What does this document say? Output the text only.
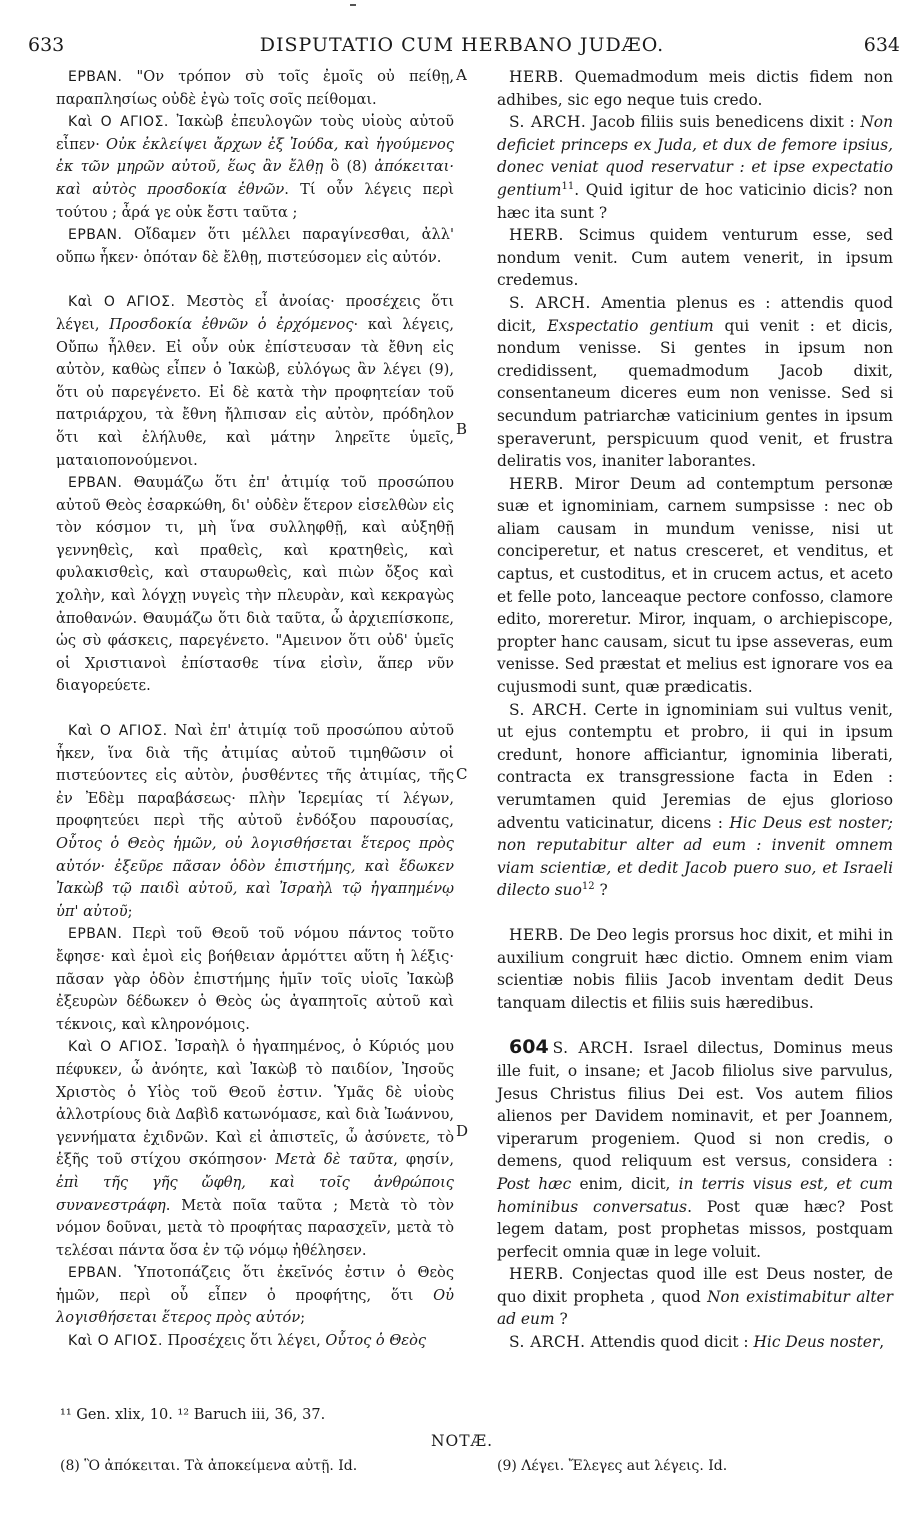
633	DISPUTATIO CUM HERBANO JUDÆO.	634

ΕΡΒΑΝ. "Ον τρόπον σὺ τοῖς ἐμοῖς οὐ πείθῃ, παραπλησίως οὐδὲ ἐγὼ τοῖς σοῖς πείθομαι.

Καὶ Ο ΑΓΙΟΣ. Ἰακὼβ ἐπευλογῶν τοὺς υἱοὺς αὐτοῦ εἶπεν· Οὐκ ἐκλείψει ἄρχων ἐξ Ἰούδα, καὶ ἡγούμενος ἐκ τῶν μηρῶν αὐτοῦ, ἕως ἂν ἔλθῃ ὃ (8) ἀπόκειται· καὶ αὐτὸς προσδοκία ἐθνῶν. Τί οὖν λέγεις περὶ τούτου ; ἆρά γε οὐκ ἔστι ταῦτα ;

ΕΡΒΑΝ. Οἴδαμεν ὅτι μέλλει παραγίνεσθαι, ἀλλ' οὔπω ἧκεν· ὁπόταν δὲ ἔλθῃ, πιστεύσομεν εἰς αὐτόν.

Καὶ Ο ΑΓΙΟΣ. Μεστὸς εἶ ἀνοίας· προσέχεις ὅτι λέγει, Προσδοκία ἐθνῶν ὁ ἐρχόμενος· καὶ λέγεις, Οὔπω ἦλθεν. Εἰ οὖν οὐκ ἐπίστευσαν τὰ ἔθνη εἰς αὐτὸν, καθὼς εἶπεν ὁ Ἰακὼβ, εὐλόγως ἂν λέγει (9), ὅτι οὐ παρεγένετο. Εἰ δὲ κατὰ τὴν προφητείαν τοῦ πατριάρχου, τὰ ἔθνη ἤλπισαν εἰς αὐτὸν, πρόδηλον ὅτι καὶ ἐλήλυθε, καὶ μάτην ληρεῖτε ὑμεῖς, ματαιοπονούμενοι.

ΕΡΒΑΝ. Θαυμάζω ὅτι ἐπ' ἀτιμίᾳ τοῦ προσώπου αὐτοῦ Θεὸς ἐσαρκώθη, δι' οὐδὲν ἕτερον εἰσελθὼν εἰς τὸν κόσμον τι, μὴ ἵνα συλληφθῇ, καὶ αὐξηθῇ γεννηθεὶς, καὶ πραθεὶς, καὶ κρατηθεὶς, καὶ φυλακισθεὶς, καὶ σταυρωθεὶς, καὶ πιὼν ὄξος καὶ χολὴν, καὶ λόγχῃ νυγεὶς τὴν πλευρὰν, καὶ κεκραγὼς ἀποθανών. Θαυμάζω ὅτι διὰ ταῦτα, ὦ ἀρχιεπίσκοπε, ὡς σὺ φάσκεις, παρεγένετο. "Αμεινον ὅτι οὐδ' ὑμεῖς οἱ Χριστιανοὶ ἐπίστασθε τίνα εἰσὶν, ἅπερ νῦν διαγορεύετε.

Καὶ Ο ΑΓΙΟΣ. Ναὶ ἐπ' ἀτιμίᾳ τοῦ προσώπου αὐτοῦ ἧκεν, ἵνα διὰ τῆς ἀτιμίας αὐτοῦ τιμηθῶσιν οἱ πιστεύοντες εἰς αὐτὸν, ῥυσθέντες τῆς ἀτιμίας, τῆς ἐν Ἐδὲμ παραβάσεως· πλὴν Ἱερεμίας τί λέγων, προφητεύει περὶ τῆς αὐτοῦ ἐνδόξου παρουσίας, Οὗτος ὁ Θεὸς ἡμῶν, οὐ λογισθήσεται ἕτερος πρὸς αὐτόν· ἐξεῦρε πᾶσαν ὁδὸν ἐπιστήμης, καὶ ἔδωκεν Ἰακὼβ τῷ παιδὶ αὐτοῦ, καὶ Ἰσραὴλ τῷ ἠγαπημένῳ ὑπ' αὐτοῦ;

ΕΡΒΑΝ. Περὶ τοῦ Θεοῦ τοῦ νόμου πάντος τοῦτο ἔφησε· καὶ ἐμοὶ εἰς βοήθειαν ἁρμόττει αὕτη ἡ λέξις· πᾶσαν γὰρ ὁδὸν ἐπιστήμης ἡμῖν τοῖς υἱοῖς Ἰακὼβ ἐξευρὼν δέδωκεν ὁ Θεὸς ὡς ἀγαπητοῖς αὐτοῦ καὶ τέκνοις, καὶ κληρονόμοις.

Καὶ Ο ΑΓΙΟΣ. Ἰσραὴλ ὁ ἠγαπημένος, ὁ Κύριός μου πέφυκεν, ὦ ἀνόητε, καὶ Ἰακὼβ τὸ παιδίον, Ἰησοῦς Χριστὸς ὁ Υἱὸς τοῦ Θεοῦ ἐστιν. Ὑμᾶς δὲ υἱοὺς ἀλλοτρίους διὰ Δαβὶδ κατωνόμασε, καὶ διὰ Ἰωάννου, γεννήματα ἐχιδνῶν. Καὶ εἰ ἀπιστεῖς, ὦ ἀσύνετε, τὸ ἑξῆς τοῦ στίχου σκόπησον· Μετὰ δὲ ταῦτα, φησίν, ἐπὶ τῆς γῆς ὤφθη, καὶ τοῖς ἀνθρώποις συνανεστράφη. Μετὰ ποῖα ταῦτα ; Μετὰ τὸ τὸν νόμον δοῦναι, μετὰ τὸ προφήτας παρασχεῖν, μετὰ τὸ τελέσαι πάντα ὅσα ἐν τῷ νόμῳ ἠθέλησεν.

ΕΡΒΑΝ. Ὑποτοπάζεις ὅτι ἐκεῖνός ἐστιν ὁ Θεὸς ἡμῶν, περὶ οὗ εἶπεν ὁ προφήτης, ὅτι Οὐ λογισθήσεται ἕτερος πρὸς αὐτόν;

Καὶ Ο ΑΓΙΟΣ. Προσέχεις ὅτι λέγει, Οὗτος ὁ Θεὸς

A
B
C
D

HERB. Quemadmodum meis dictis fidem non adhibes, sic ego neque tuis credo.

S. ARCH. Jacob filiis suis benedicens dixit : Non deficiet princeps ex Juda, et dux de femore ipsius, donec veniat quod reservatur : et ipse expectatio gentium$^{11}$. Quid igitur de hoc vaticinio dicis? non hæc ita sunt ?

HERB. Scimus quidem venturum esse, sed nondum venit. Cum autem venerit, in ipsum credemus.

S. ARCH. Amentia plenus es : attendis quod dicit, Exspectatio gentium qui venit : et dicis, nondum venisse. Si gentes in ipsum non credidissent, quemadmodum Jacob dixit, consentaneum diceres eum non venisse. Sed si secundum patriarchæ vaticinium gentes in ipsum speraverunt, perspicuum quod venit, et frustra deliratis vos, inaniter laborantes.

HERB. Miror Deum ad contemptum personæ suæ et ignominiam, carnem sumpsisse : nec ob aliam causam in mundum venisse, nisi ut conciperetur, et natus cresceret, et venditus, et captus, et custoditus, et in crucem actus, et aceto et felle poto, lanceaque pectore confosso, clamore edito, moreretur. Miror, inquam, o archiepiscope, propter hanc causam, sicut tu ipse asseveras, eum venisse. Sed præstat et melius est ignorare vos ea cujusmodi sunt, quæ prædicatis.

S. ARCH. Certe in ignominiam sui vultus venit, ut ejus contemptu et probro, ii qui in ipsum credunt, honore afficiantur, ignominia liberati, contracta ex transgressione facta in Eden : verumtamen quid Jeremias de ejus glorioso adventu vaticinatur, dicens : Hic Deus est noster; non reputabitur alter ad eum : invenit omnem viam scientiæ, et dedit Jacob puero suo, et Israeli dilecto suo$^{12}$ ?

HERB. De Deo legis prorsus hoc dixit, et mihi in auxilium congruit hæc dictio. Omnem enim viam scientiæ nobis filiis Jacob inventam dedit Deus tanquam dilectis et filiis suis hæredibus.

604 S. ARCH. Israel dilectus, Dominus meus ille fuit, o insane; et Jacob filiolus sive parvulus, Jesus Christus filius Dei est. Vos autem filios alienos per Davidem nominavit, et per Joannem, viperarum progeniem. Quod si non credis, o demens, quod reliquum est versus, considera : Post hæc enim, dicit, in terris visus est, et cum hominibus conversatus. Post quæ hæc? Post legem datam, post prophetas missos, postquam perfecit omnia quæ in lege voluit.

HERB. Conjectas quod ille est Deus noster, de quo dixit propheta , quod Non existimabitur alter ad eum ?

S. ARCH. Attendis quod dicit : Hic Deus noster,

¹¹ Gen. xlix, 10. ¹² Baruch iii, 36, 37.
NOTÆ.
(8) Ὃ ἀπόκειται. Τὰ ἀποκείμενα αὐτῇ. Id.	(9) Λέγει. Ἔλεγες aut λέγεις. Id.
